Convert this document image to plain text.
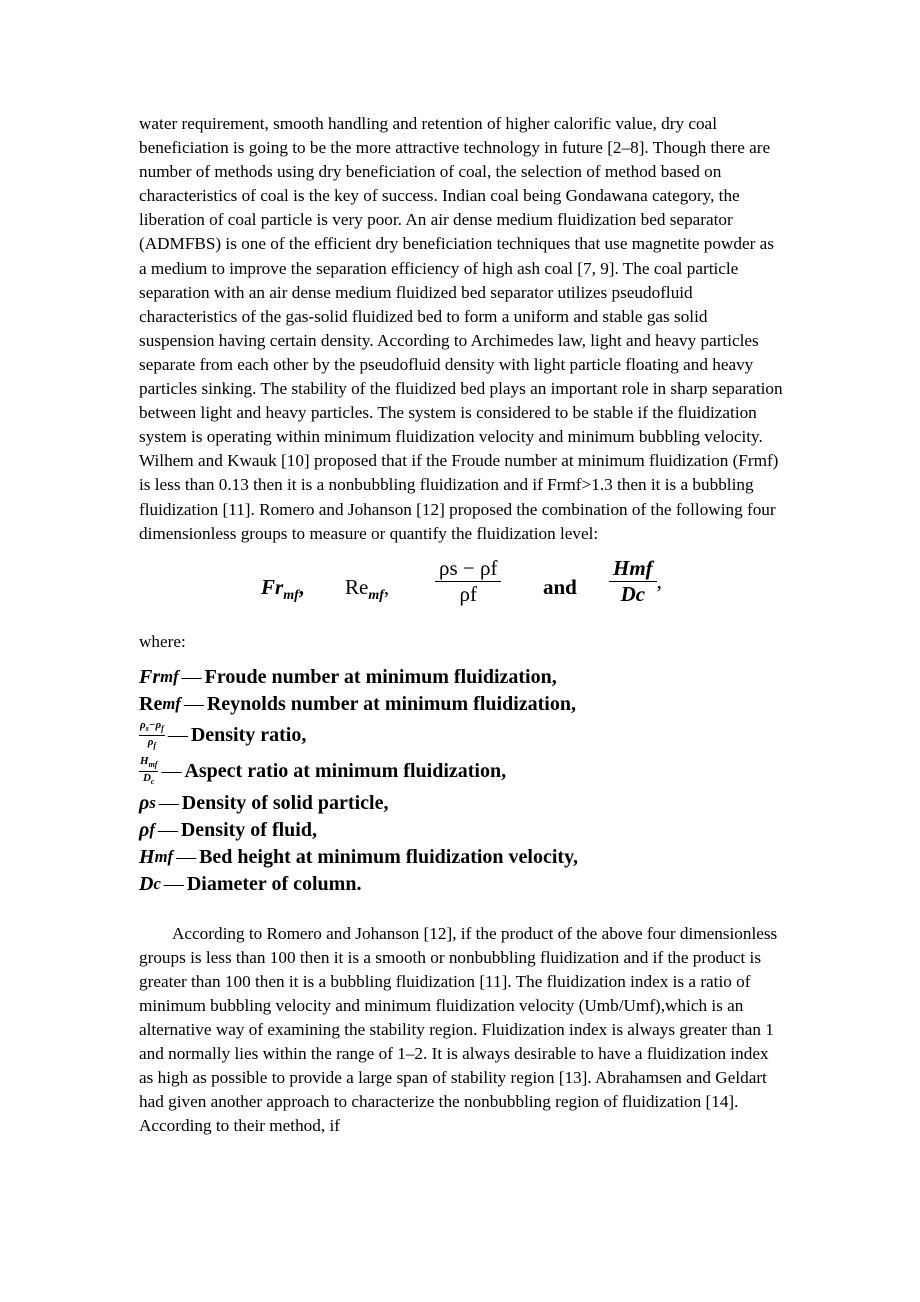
water requirement, smooth handling and retention of higher calorific value, dry coal beneficiation is going to be the more attractive technology in future [2–8]. Though there are number of methods using dry beneficiation of coal, the selection of method based on characteristics of coal is the key of success. Indian coal being Gondawana category, the liberation of coal particle is very poor. An air dense medium fluidization bed separator (ADMFBS) is one of the efficient dry beneficiation techniques that use magnetite powder as a medium to improve the separation efficiency of high ash coal [7, 9]. The coal particle separation with an air dense medium fluidized bed separator utilizes pseudofluid characteristics of the gas-solid fluidized bed to form a uniform and stable gas solid suspension having certain density. According to Archimedes law, light and heavy particles separate from each other by the pseudofluid density with light particle floating and heavy particles sinking. The stability of the fluidized bed plays an important role in sharp separation between light and heavy particles. The system is considered to be stable if the fluidization system is operating within minimum fluidization velocity and minimum bubbling velocity. Wilhem and Kwauk [10] proposed that if the Froude number at minimum fluidization (Frmf) is less than 0.13 then it is a nonbubbling fluidization and if Frmf>1.3 then it is a bubbling fluidization [11]. Romero and Johanson [12] proposed the combination of the following four dimensionless groups to measure or quantify the fluidization level:

$Fr_{mf}$, $Re_{mf}$, $\frac{\rho s - \rho f}{\rho f}$ and $\frac{\text{Hmf}}{Dc}$ ,

where:

Fr mf — Froude number at minimum fluidization,
Re mf — Reynolds number at minimum fluidization,
$\frac{\rho_s-\rho_f}{\rho_f}$ — Density ratio,
$\frac{H_{mf}}{D_c}$ — Aspect ratio at minimum fluidization,
ρ s — Density of solid particle,
ρ f — Density of fluid,
H mf — Bed height at minimum fluidization velocity,
D c — Diameter of column.

According to Romero and Johanson [12], if the product of the above four dimensionless groups is less than 100 then it is a smooth or nonbubbling fluidization and if the product is greater than 100 then it is a bubbling fluidization [11]. The fluidization index is a ratio of minimum bubbling velocity and minimum fluidization velocity (Umb/Umf),which is an alternative way of examining the stability region. Fluidization index is always greater than 1 and normally lies within the range of 1–2. It is always desirable to have a fluidization index as high as possible to provide a large span of stability region [13]. Abrahamsen and Geldart had given another approach to characterize the nonbubbling region of fluidization [14]. According to their method, if
